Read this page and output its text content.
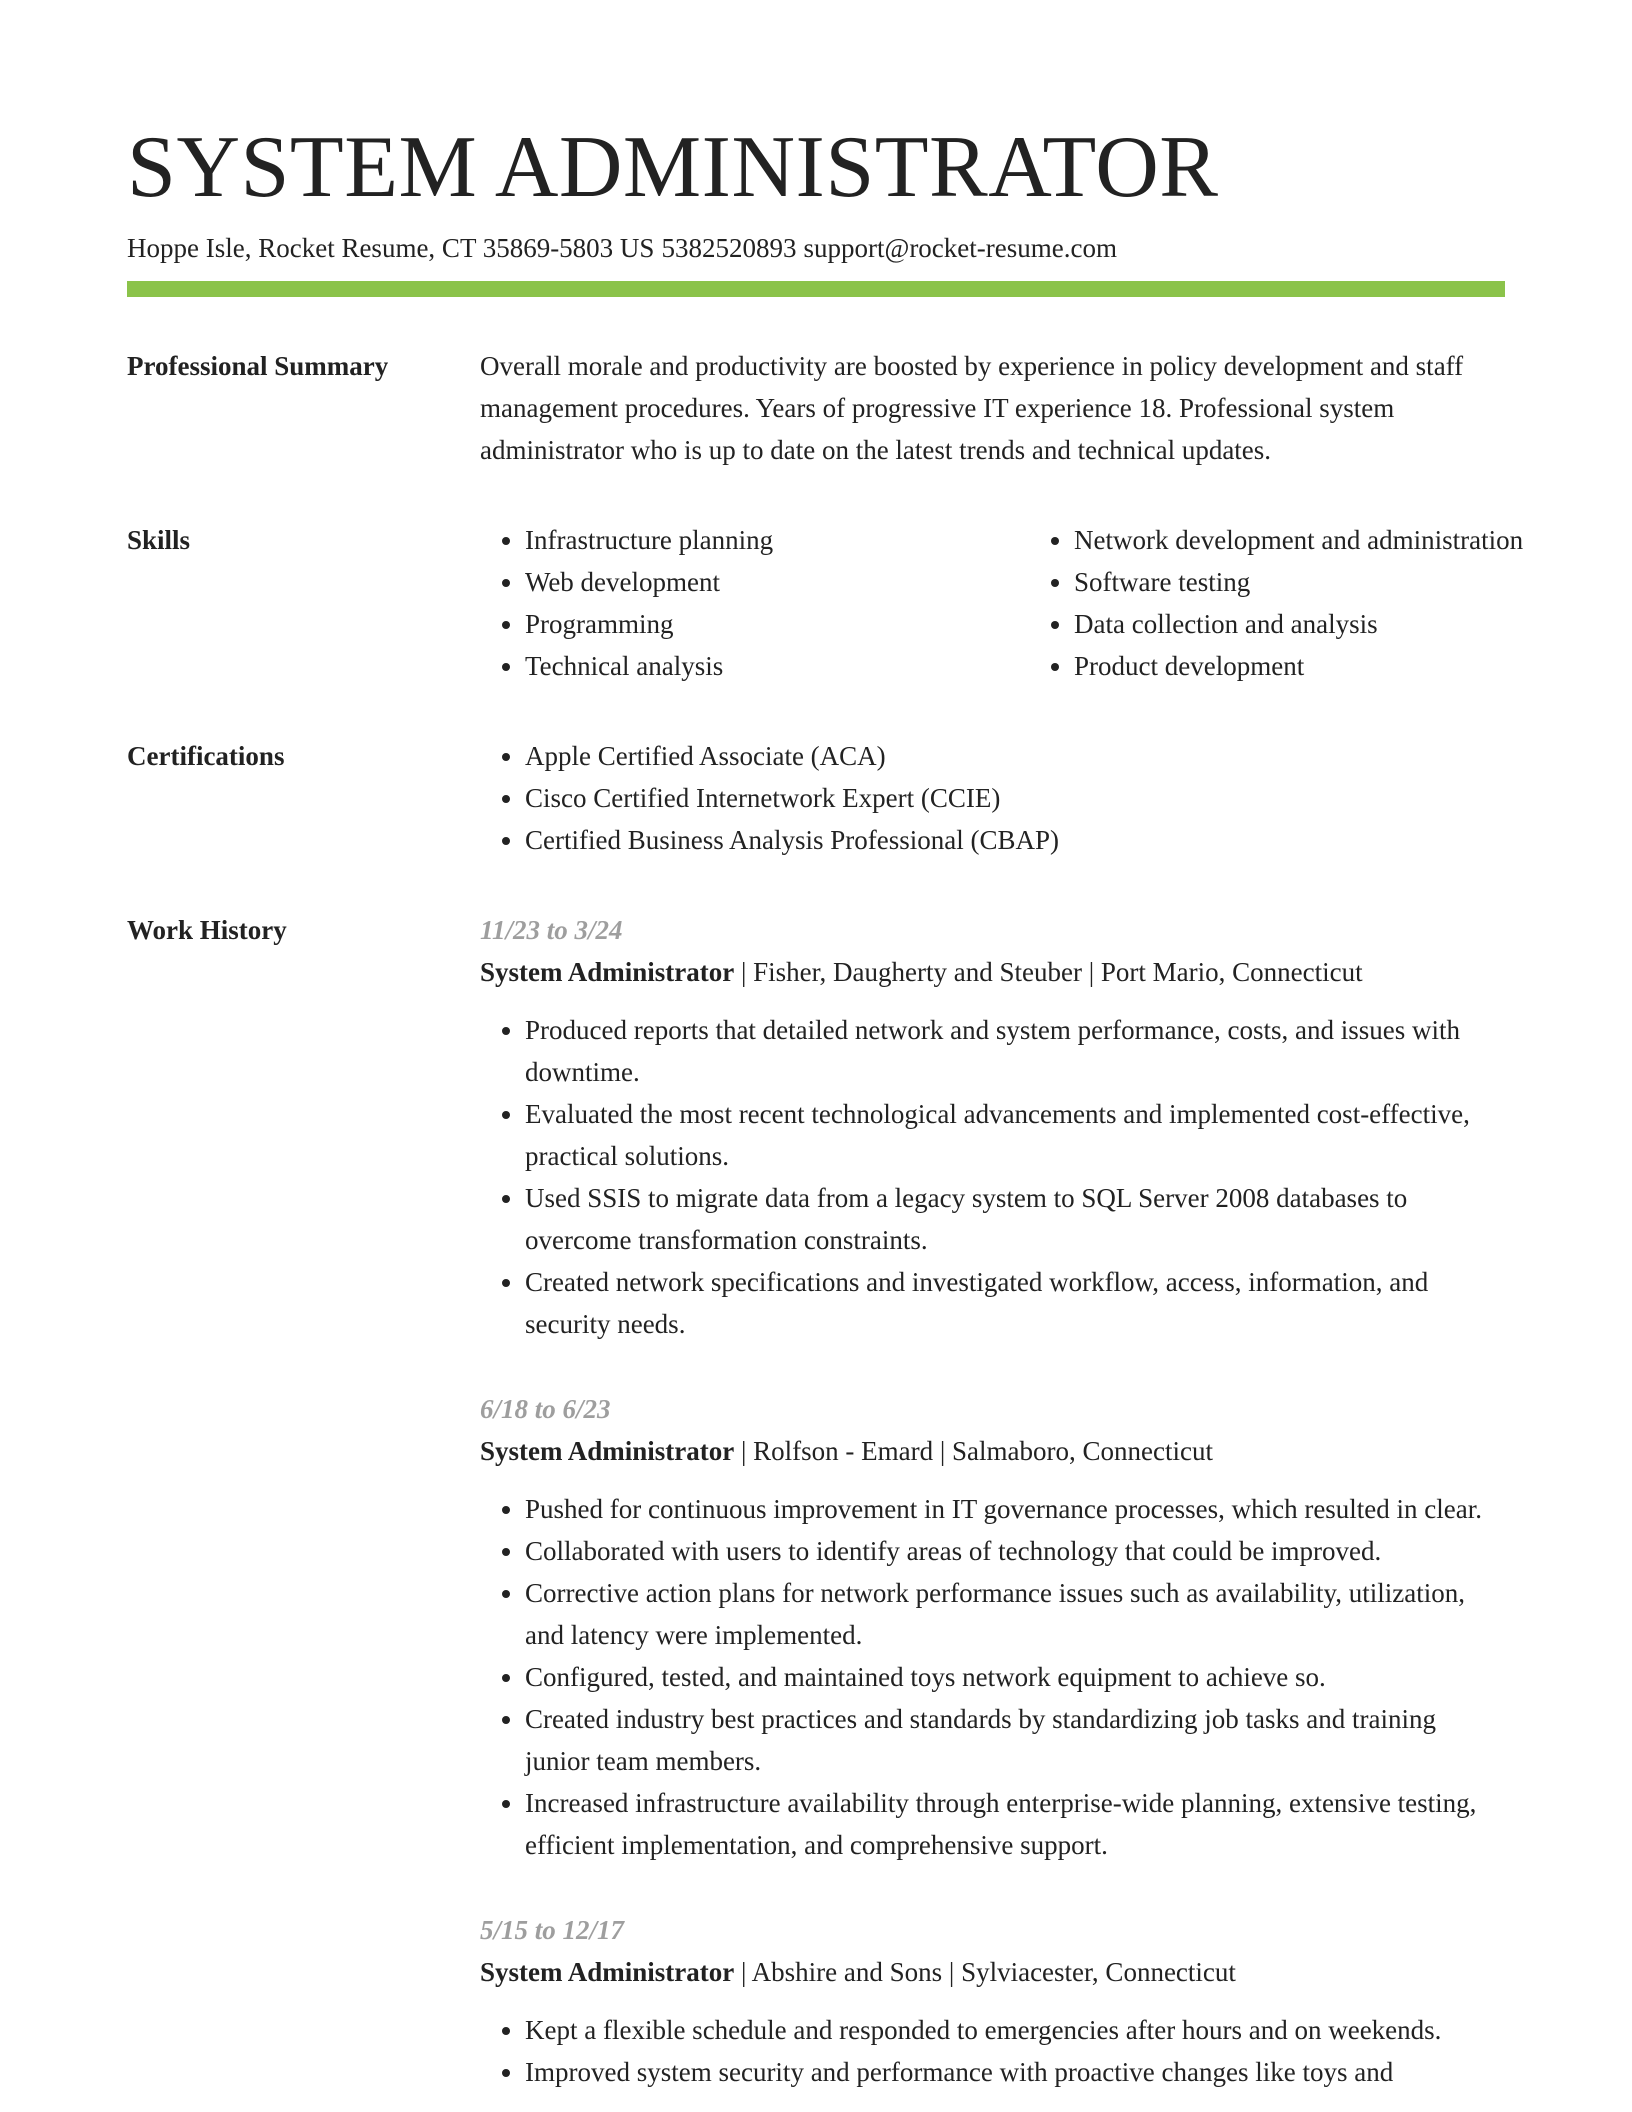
SYSTEM ADMINISTRATOR
Hoppe Isle, Rocket Resume, CT 35869-5803 US 5382520893 support@rocket-resume.com
Professional Summary	Overall morale and productivity are boosted by experience in policy development and staff management procedures. Years of progressive IT experience 18. Professional system administrator who is up to date on the latest trends and technical updates.

Skills	• Infrastructure planning
• Web development
• Programming
• Technical analysis
• Network development and administration
• Software testing
• Data collection and analysis
• Product development
Certifications	• Apple Certified Associate (ACA)
• Cisco Certified Internetwork Expert (CCIE)
• Certified Business Analysis Professional (CBAP)
Work History	11/23 to 3/24
System Administrator | Fisher, Daugherty and Steuber | Port Mario, Connecticut
• Produced reports that detailed network and system performance, costs, and issues with downtime.
• Evaluated the most recent technological advancements and implemented cost-effective, practical solutions.
• Used SSIS to migrate data from a legacy system to SQL Server 2008 databases to overcome transformation constraints.
• Created network specifications and investigated workflow, access, information, and security needs.
6/18 to 6/23
System Administrator | Rolfson - Emard | Salmaboro, Connecticut
• Pushed for continuous improvement in IT governance processes, which resulted in clear.
• Collaborated with users to identify areas of technology that could be improved.
• Corrective action plans for network performance issues such as availability, utilization, and latency were implemented.
• Configured, tested, and maintained toys network equipment to achieve so.
• Created industry best practices and standards by standardizing job tasks and training junior team members.
• Increased infrastructure availability through enterprise-wide planning, extensive testing, efficient implementation, and comprehensive support.
5/15 to 12/17
System Administrator | Abshire and Sons | Sylviacester, Connecticut
• Kept a flexible schedule and responded to emergencies after hours and on weekends.
• Improved system security and performance with proactive changes like toys and
